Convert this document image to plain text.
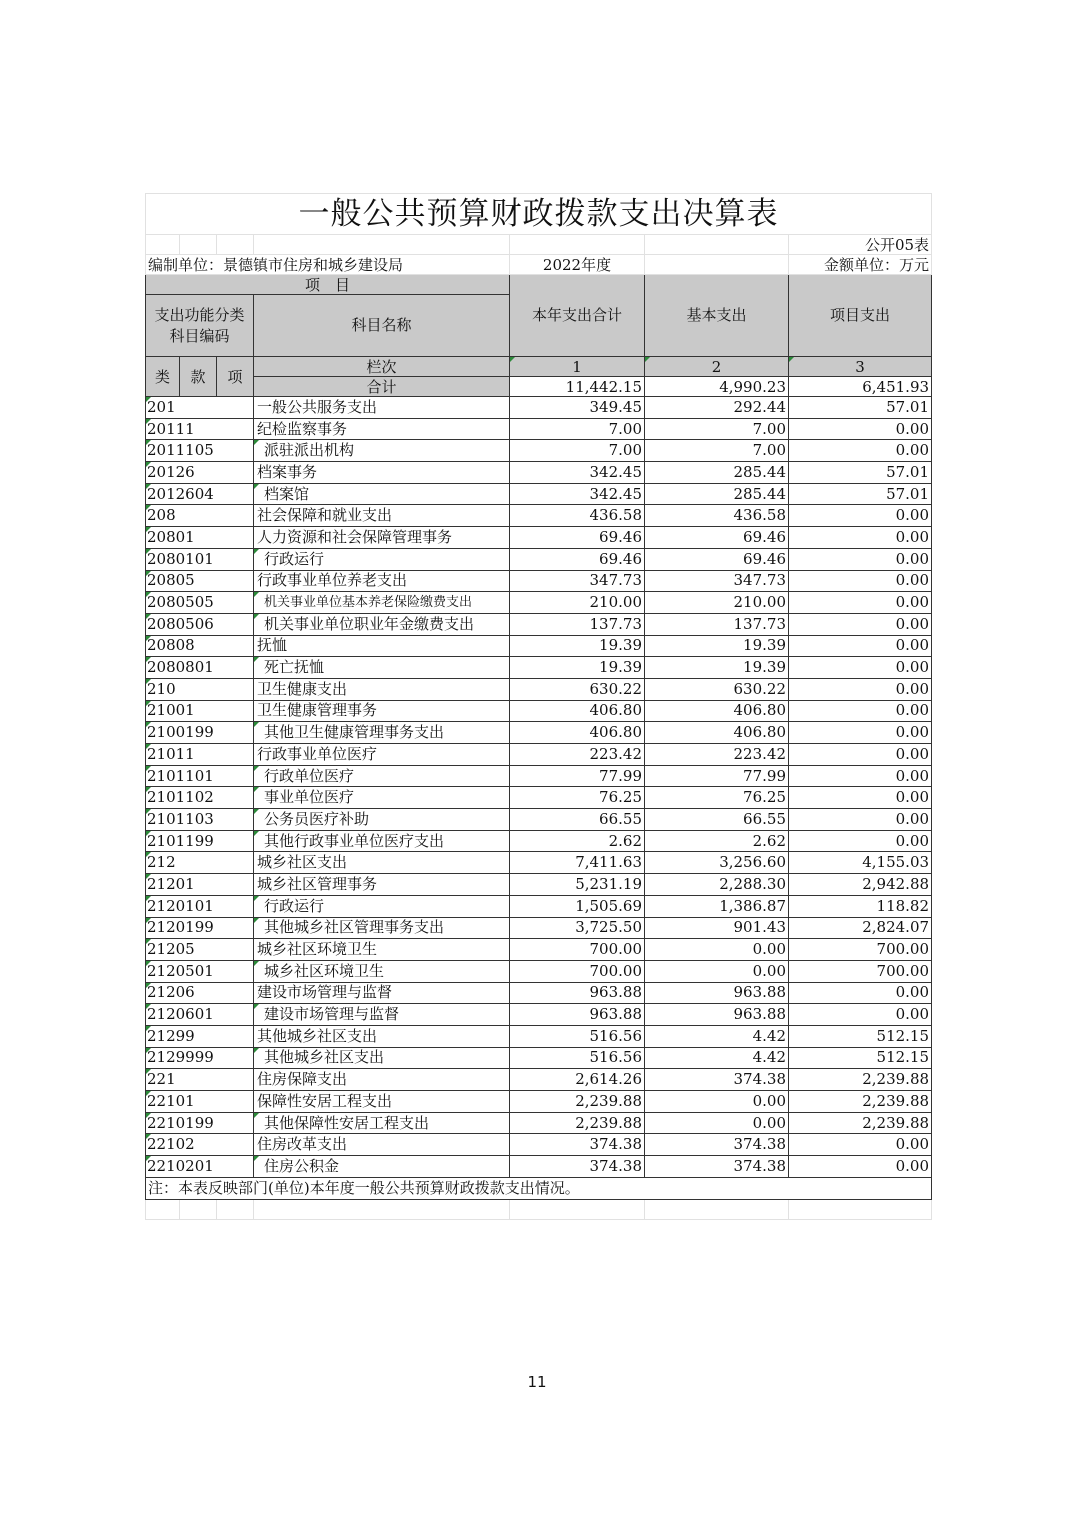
一般公共预算财政拨款支出决算表						
						公开05表
编制单位：景德镇市住房和城乡建设局				2022年度		金额单位：万元
项　目				本年支出合计	基本支出	项目支出
支出功能分类科目编码			科目名称			
类	款	项	栏次	1	2	3
			合计	11,442.15	4,990.23	6,451.93
201			一般公共服务支出	349.45	292.44	57.01
20111			纪检监察事务	7.00	7.00	0.00
2011105			派驻派出机构	7.00	7.00	0.00
20126			档案事务	342.45	285.44	57.01
2012604			档案馆	342.45	285.44	57.01
208			社会保障和就业支出	436.58	436.58	0.00
20801			人力资源和社会保障管理事务	69.46	69.46	0.00
2080101			行政运行	69.46	69.46	0.00
20805			行政事业单位养老支出	347.73	347.73	0.00
2080505			机关事业单位基本养老保险缴费支出	210.00	210.00	0.00
2080506			机关事业单位职业年金缴费支出	137.73	137.73	0.00
20808			抚恤	19.39	19.39	0.00
2080801			死亡抚恤	19.39	19.39	0.00
210			卫生健康支出	630.22	630.22	0.00
21001			卫生健康管理事务	406.80	406.80	0.00
2100199			其他卫生健康管理事务支出	406.80	406.80	0.00
21011			行政事业单位医疗	223.42	223.42	0.00
2101101			行政单位医疗	77.99	77.99	0.00
2101102			事业单位医疗	76.25	76.25	0.00
2101103			公务员医疗补助	66.55	66.55	0.00
2101199			其他行政事业单位医疗支出	2.62	2.62	0.00
212			城乡社区支出	7,411.63	3,256.60	4,155.03
21201			城乡社区管理事务	5,231.19	2,288.30	2,942.88
2120101			行政运行	1,505.69	1,386.87	118.82
2120199			其他城乡社区管理事务支出	3,725.50	901.43	2,824.07
21205			城乡社区环境卫生	700.00	0.00	700.00
2120501			城乡社区环境卫生	700.00	0.00	700.00
21206			建设市场管理与监督	963.88	963.88	0.00
2120601			建设市场管理与监督	963.88	963.88	0.00
21299			其他城乡社区支出	516.56	4.42	512.15
2129999			其他城乡社区支出	516.56	4.42	512.15
221			住房保障支出	2,614.26	374.38	2,239.88
22101			保障性安居工程支出	2,239.88	0.00	2,239.88
2210199			其他保障性安居工程支出	2,239.88	0.00	2,239.88
22102			住房改革支出	374.38	374.38	0.00
2210201			住房公积金	374.38	374.38	0.00
注：本表反映部门(单位)本年度一般公共预算财政拨款支出情况。						

11
